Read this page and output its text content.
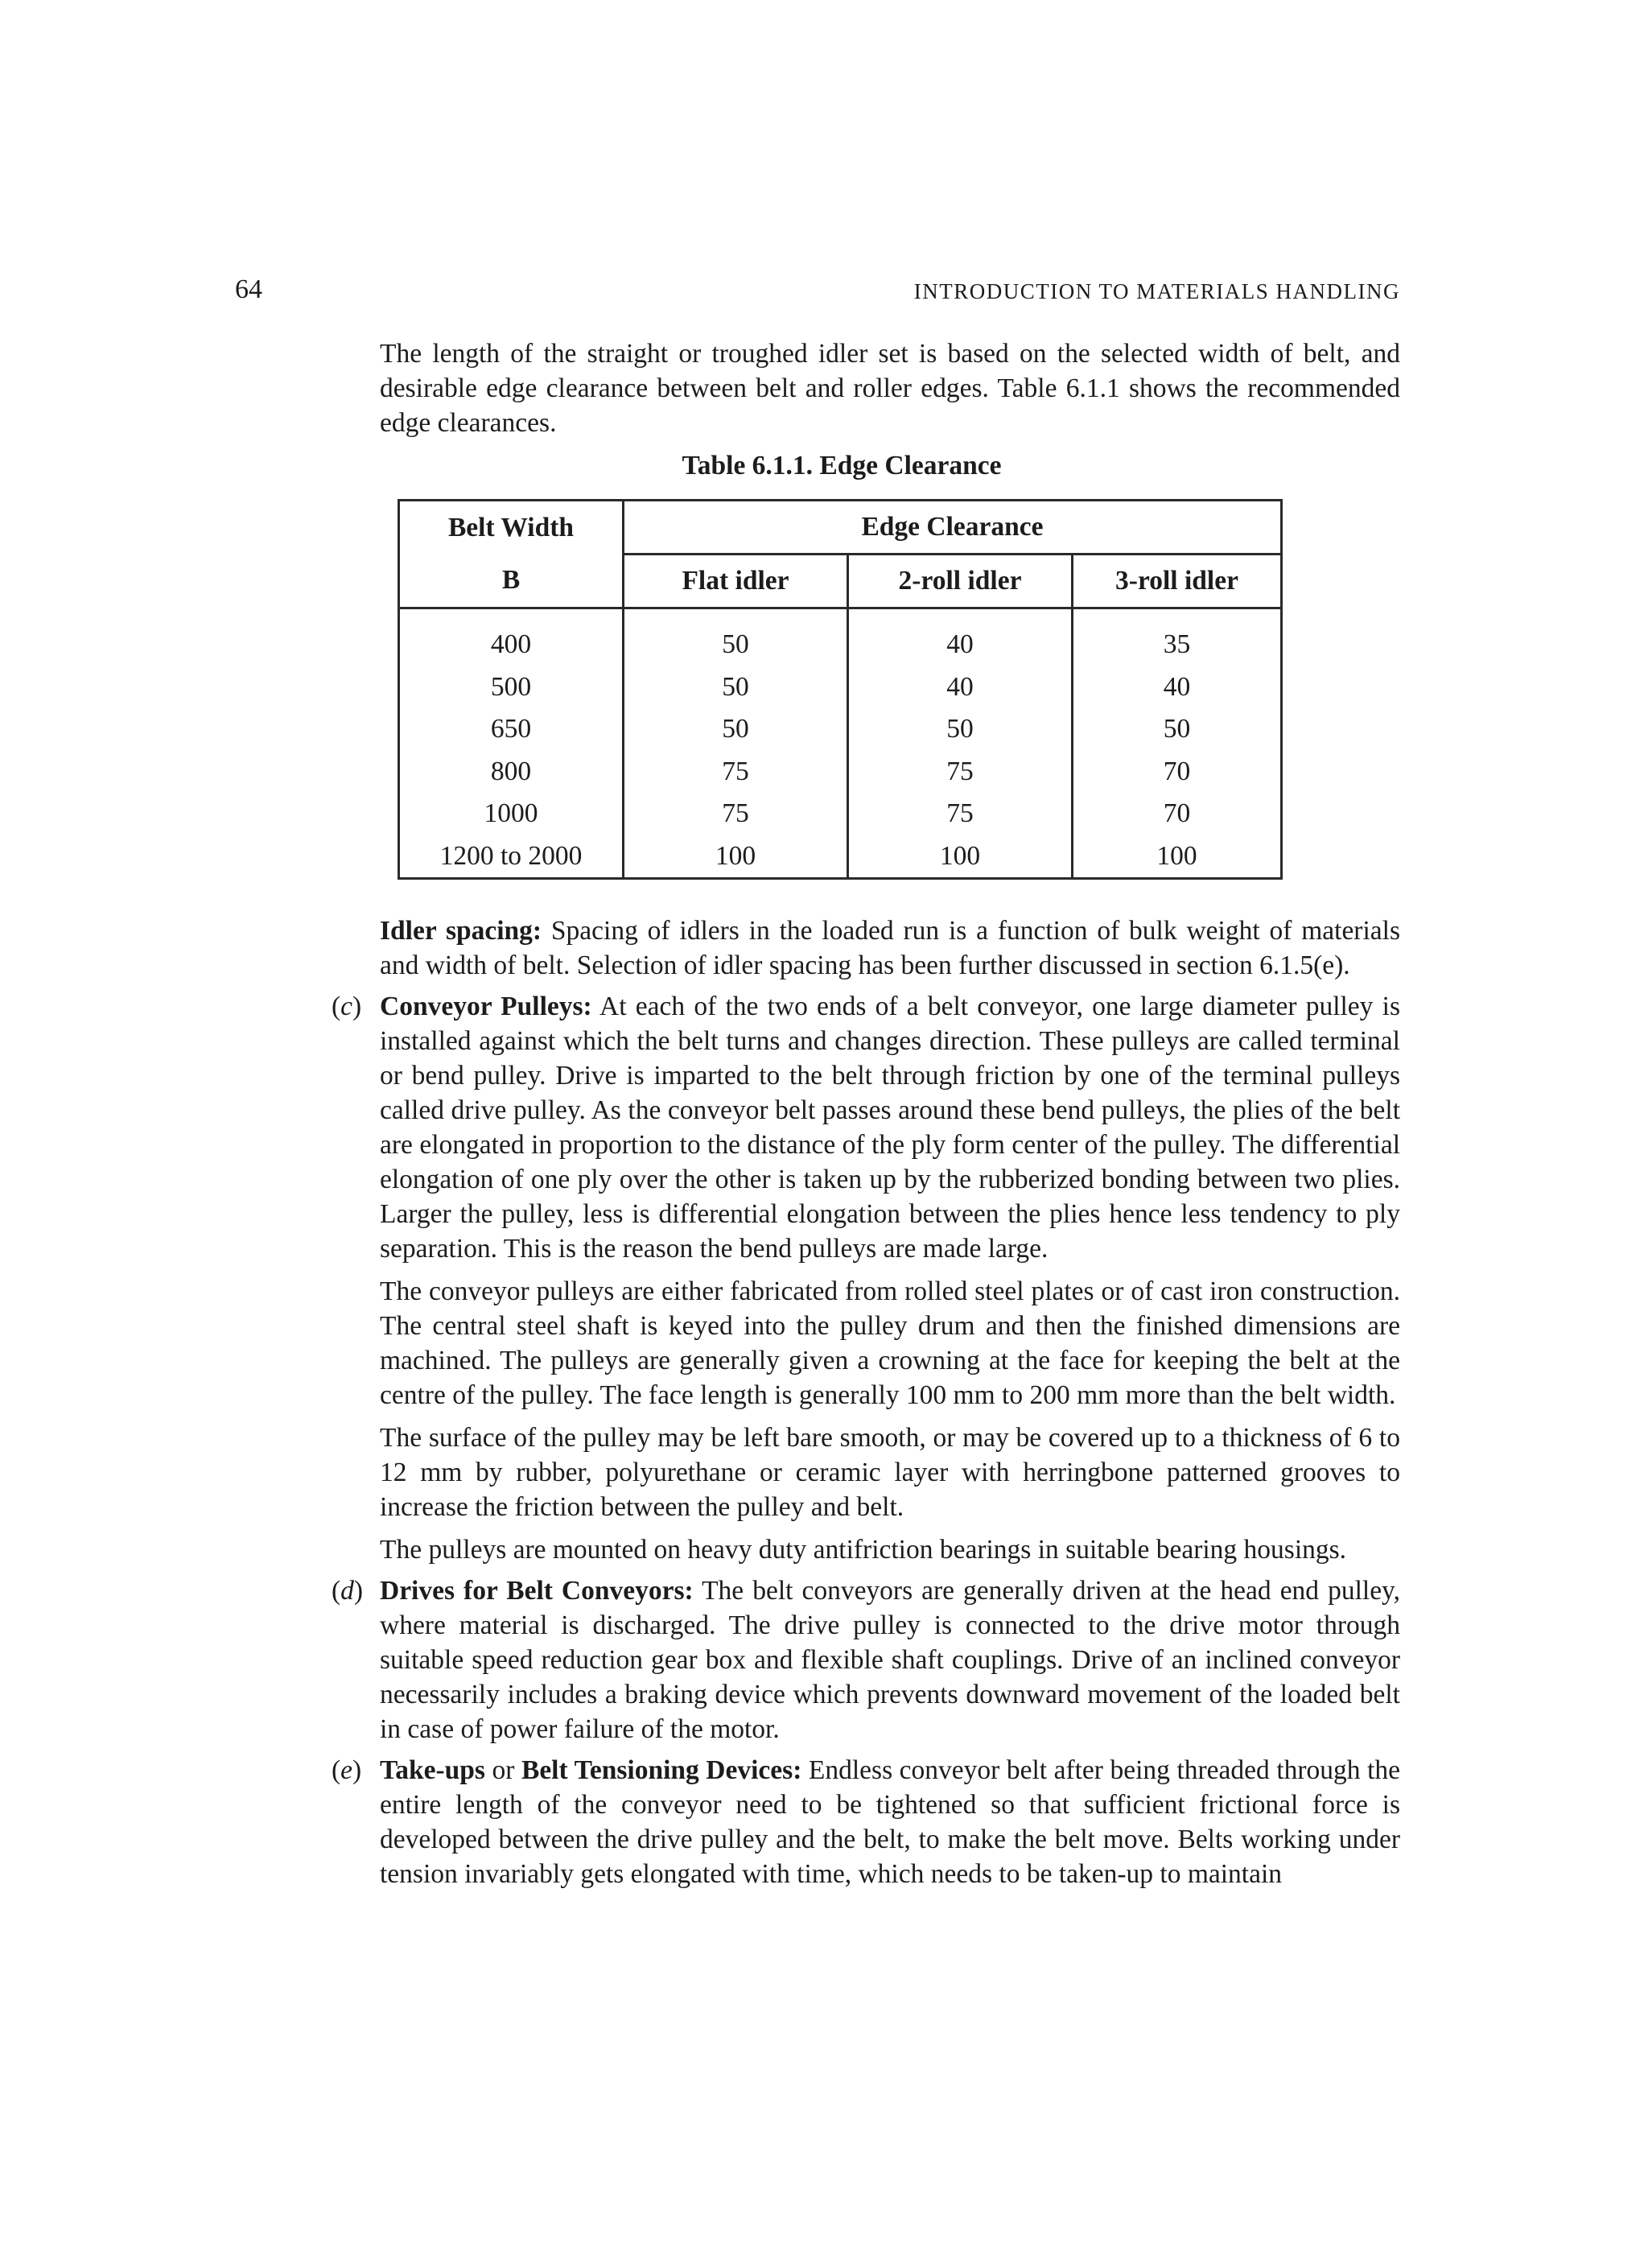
64	INTRODUCTION TO MATERIALS HANDLING

The length of the straight or troughed idler set is based on the selected width of belt, and desirable edge clearance between belt and roller edges. Table 6.1.1 shows the recommended edge clearances.

Table 6.1.1. Edge Clearance
Belt Width	Edge Clearance		
B	Flat idler	2-roll idler	3-roll idler
400	50	40	35
500	50	40	40
650	50	50	50
800	75	75	70
1000	75	75	70
1200 to 2000	100	100	100

Idler spacing: Spacing of idlers in the loaded run is a function of bulk weight of materials and width of belt. Selection of idler spacing has been further discussed in section 6.1.5(e).

(c) Conveyor Pulleys: At each of the two ends of a belt conveyor, one large diameter pulley is installed against which the belt turns and changes direction. These pulleys are called terminal or bend pulley. Drive is imparted to the belt through friction by one of the terminal pulleys called drive pulley. As the conveyor belt passes around these bend pulleys, the plies of the belt are elongated in proportion to the distance of the ply form center of the pulley. The differential elongation of one ply over the other is taken up by the rubberized bonding between two plies. Larger the pulley, less is differential elongation between the plies hence less tendency to ply separation. This is the reason the bend pulleys are made large.

The conveyor pulleys are either fabricated from rolled steel plates or of cast iron construction. The central steel shaft is keyed into the pulley drum and then the finished dimensions are machined. The pulleys are generally given a crowning at the face for keeping the belt at the centre of the pulley. The face length is generally 100 mm to 200 mm more than the belt width.

The surface of the pulley may be left bare smooth, or may be covered up to a thickness of 6 to 12 mm by rubber, polyurethane or ceramic layer with herringbone patterned grooves to increase the friction between the pulley and belt.

The pulleys are mounted on heavy duty antifriction bearings in suitable bearing housings.

(d) Drives for Belt Conveyors: The belt conveyors are generally driven at the head end pulley, where material is discharged. The drive pulley is connected to the drive motor through suitable speed reduction gear box and flexible shaft couplings. Drive of an inclined conveyor necessarily includes a braking device which prevents downward movement of the loaded belt in case of power failure of the motor.

(e) Take-ups or Belt Tensioning Devices: Endless conveyor belt after being threaded through the entire length of the conveyor need to be tightened so that sufficient frictional force is developed between the drive pulley and the belt, to make the belt move. Belts working under tension invariably gets elongated with time, which needs to be taken-up to maintain
